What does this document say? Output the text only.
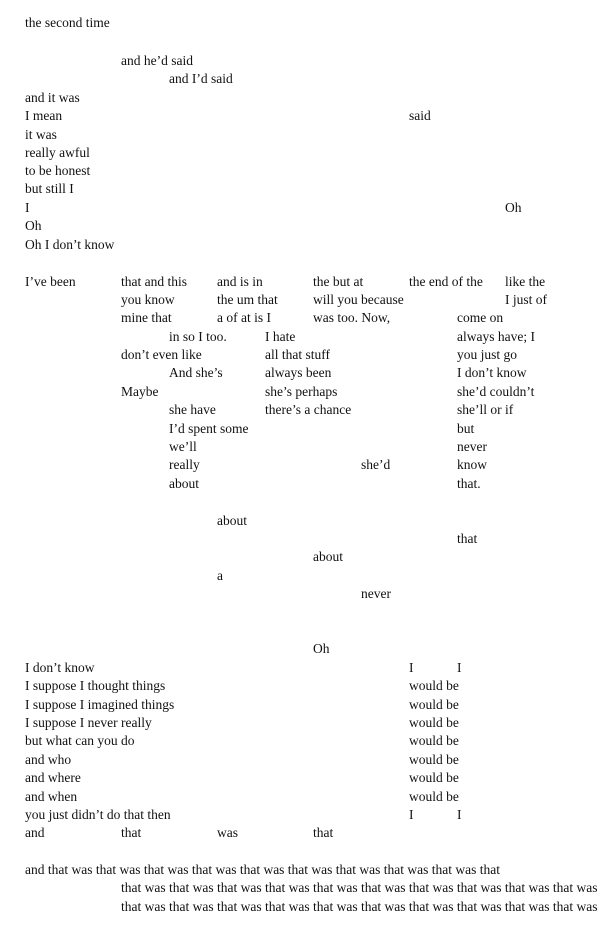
the second time
and he’d said
and I’d said
and it was
I mean	said
it was
really awful
to be honest
but still I
I	Oh
Oh
Oh I don’t know
I’ve been	that and this and is in	the but at	the end of the like the
you know	the um that	will you because	I just of
mine that	a of at is I	was too. Now,	come on
in so I too.	I hate	always have; I
don’t even like	all that stuff	you just go
And she’s	always been	I don’t know
Maybe	she’s perhaps	she’d couldn’t
she have	there’s a chance	she’ll or if
I’d spent some	but
we’ll	never
really	she’d	know
about	that.
about
that
about
a
never
Oh
I don’t know	I	I
I suppose I thought things	would be
I suppose I imagined things	would be
I suppose I never really	would be
but what can you do	would be
and who	would be
and where	would be
and when	would be
you just didn’t do that then	I	I
and	that	was	that
and that was that was that was that was that was that was that was that was that was that
that was that was that was that was that was that was that was that was that was that was
that was that was that was that was that was that was that was that was that was that was
